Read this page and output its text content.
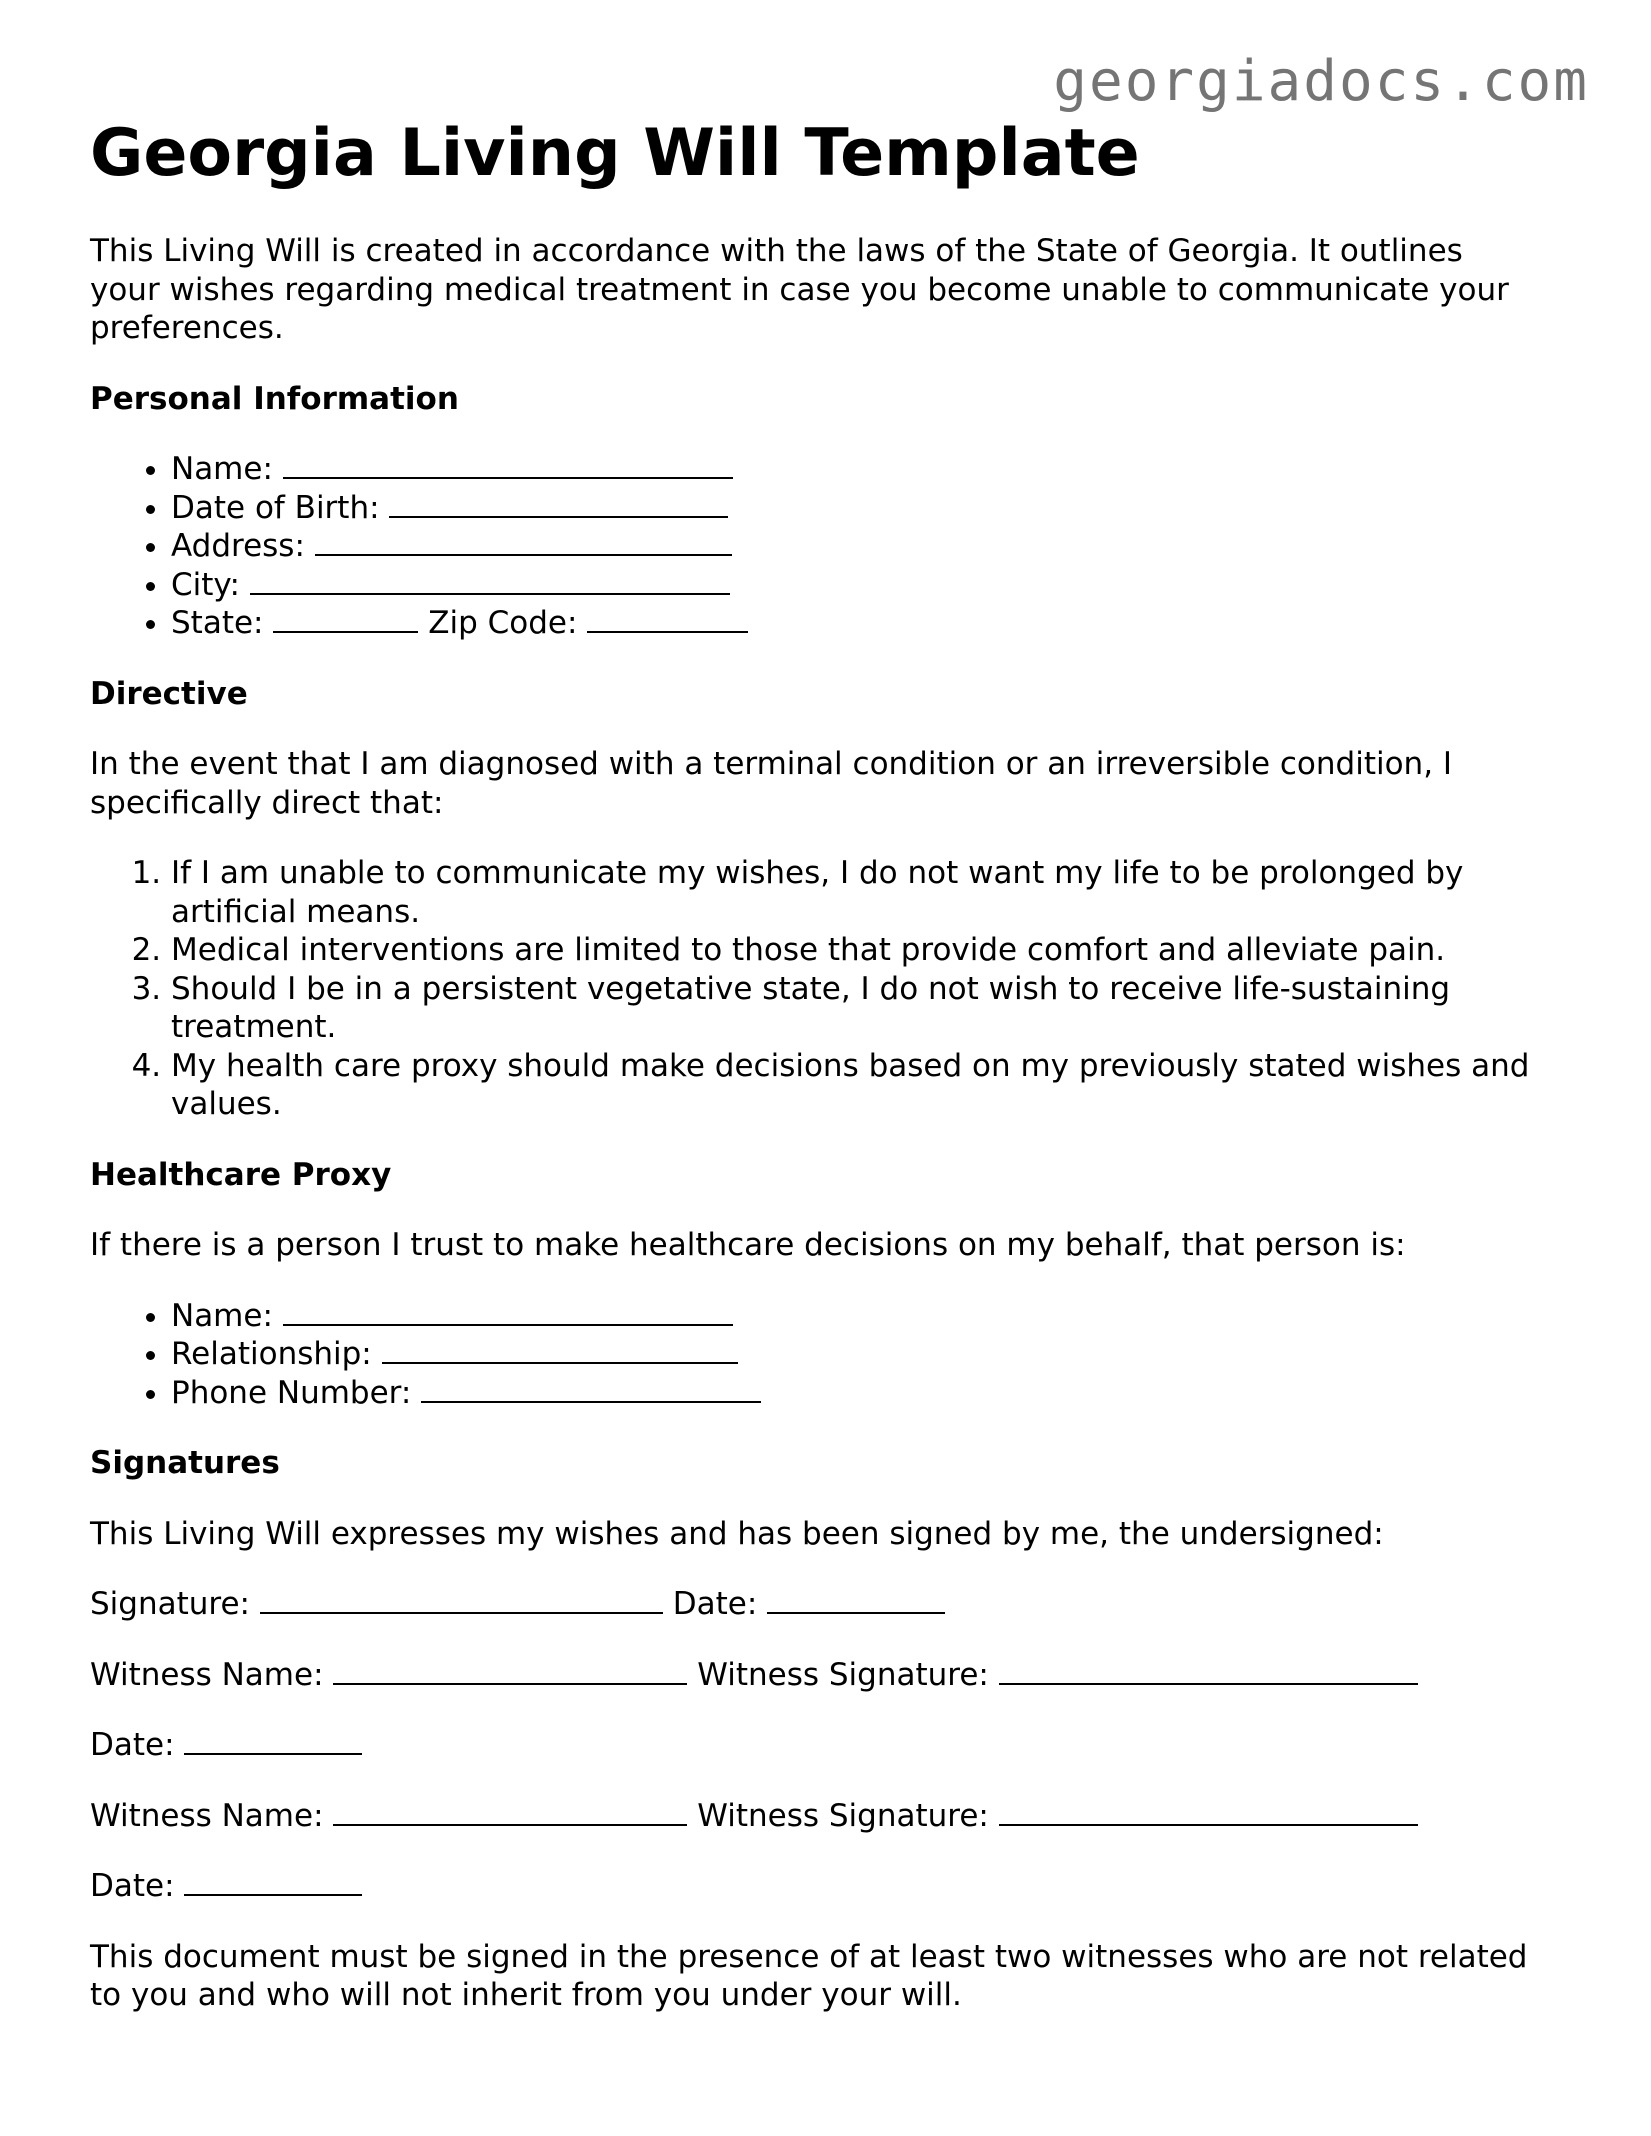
georgiadocs.com
Georgia Living Will Template

This Living Will is created in accordance with the laws of the State of Georgia. It outlines your wishes regarding medical treatment in case you become unable to communicate your preferences.

Personal Information
• Name:
• Date of Birth:
• Address:
• City:
• State:	Zip Code:
Directive

In the event that I am diagnosed with a terminal condition or an irreversible condition, I specifically direct that:

1. If I am unable to communicate my wishes, I do not want my life to be prolonged by artificial means.
2. Medical interventions are limited to those that provide comfort and alleviate pain.
3. Should I be in a persistent vegetative state, I do not wish to receive life-sustaining treatment.
4. My health care proxy should make decisions based on my previously stated wishes and values.
Healthcare Proxy

If there is a person I trust to make healthcare decisions on my behalf, that person is:

• Name:
• Relationship:
• Phone Number:
Signatures

This Living Will expresses my wishes and has been signed by me, the undersigned:

Signature:	Date:

Witness Name:	Witness Signature:

Date:

Witness Name:	Witness Signature:

Date:

This document must be signed in the presence of at least two witnesses who are not related to you and who will not inherit from you under your will.
